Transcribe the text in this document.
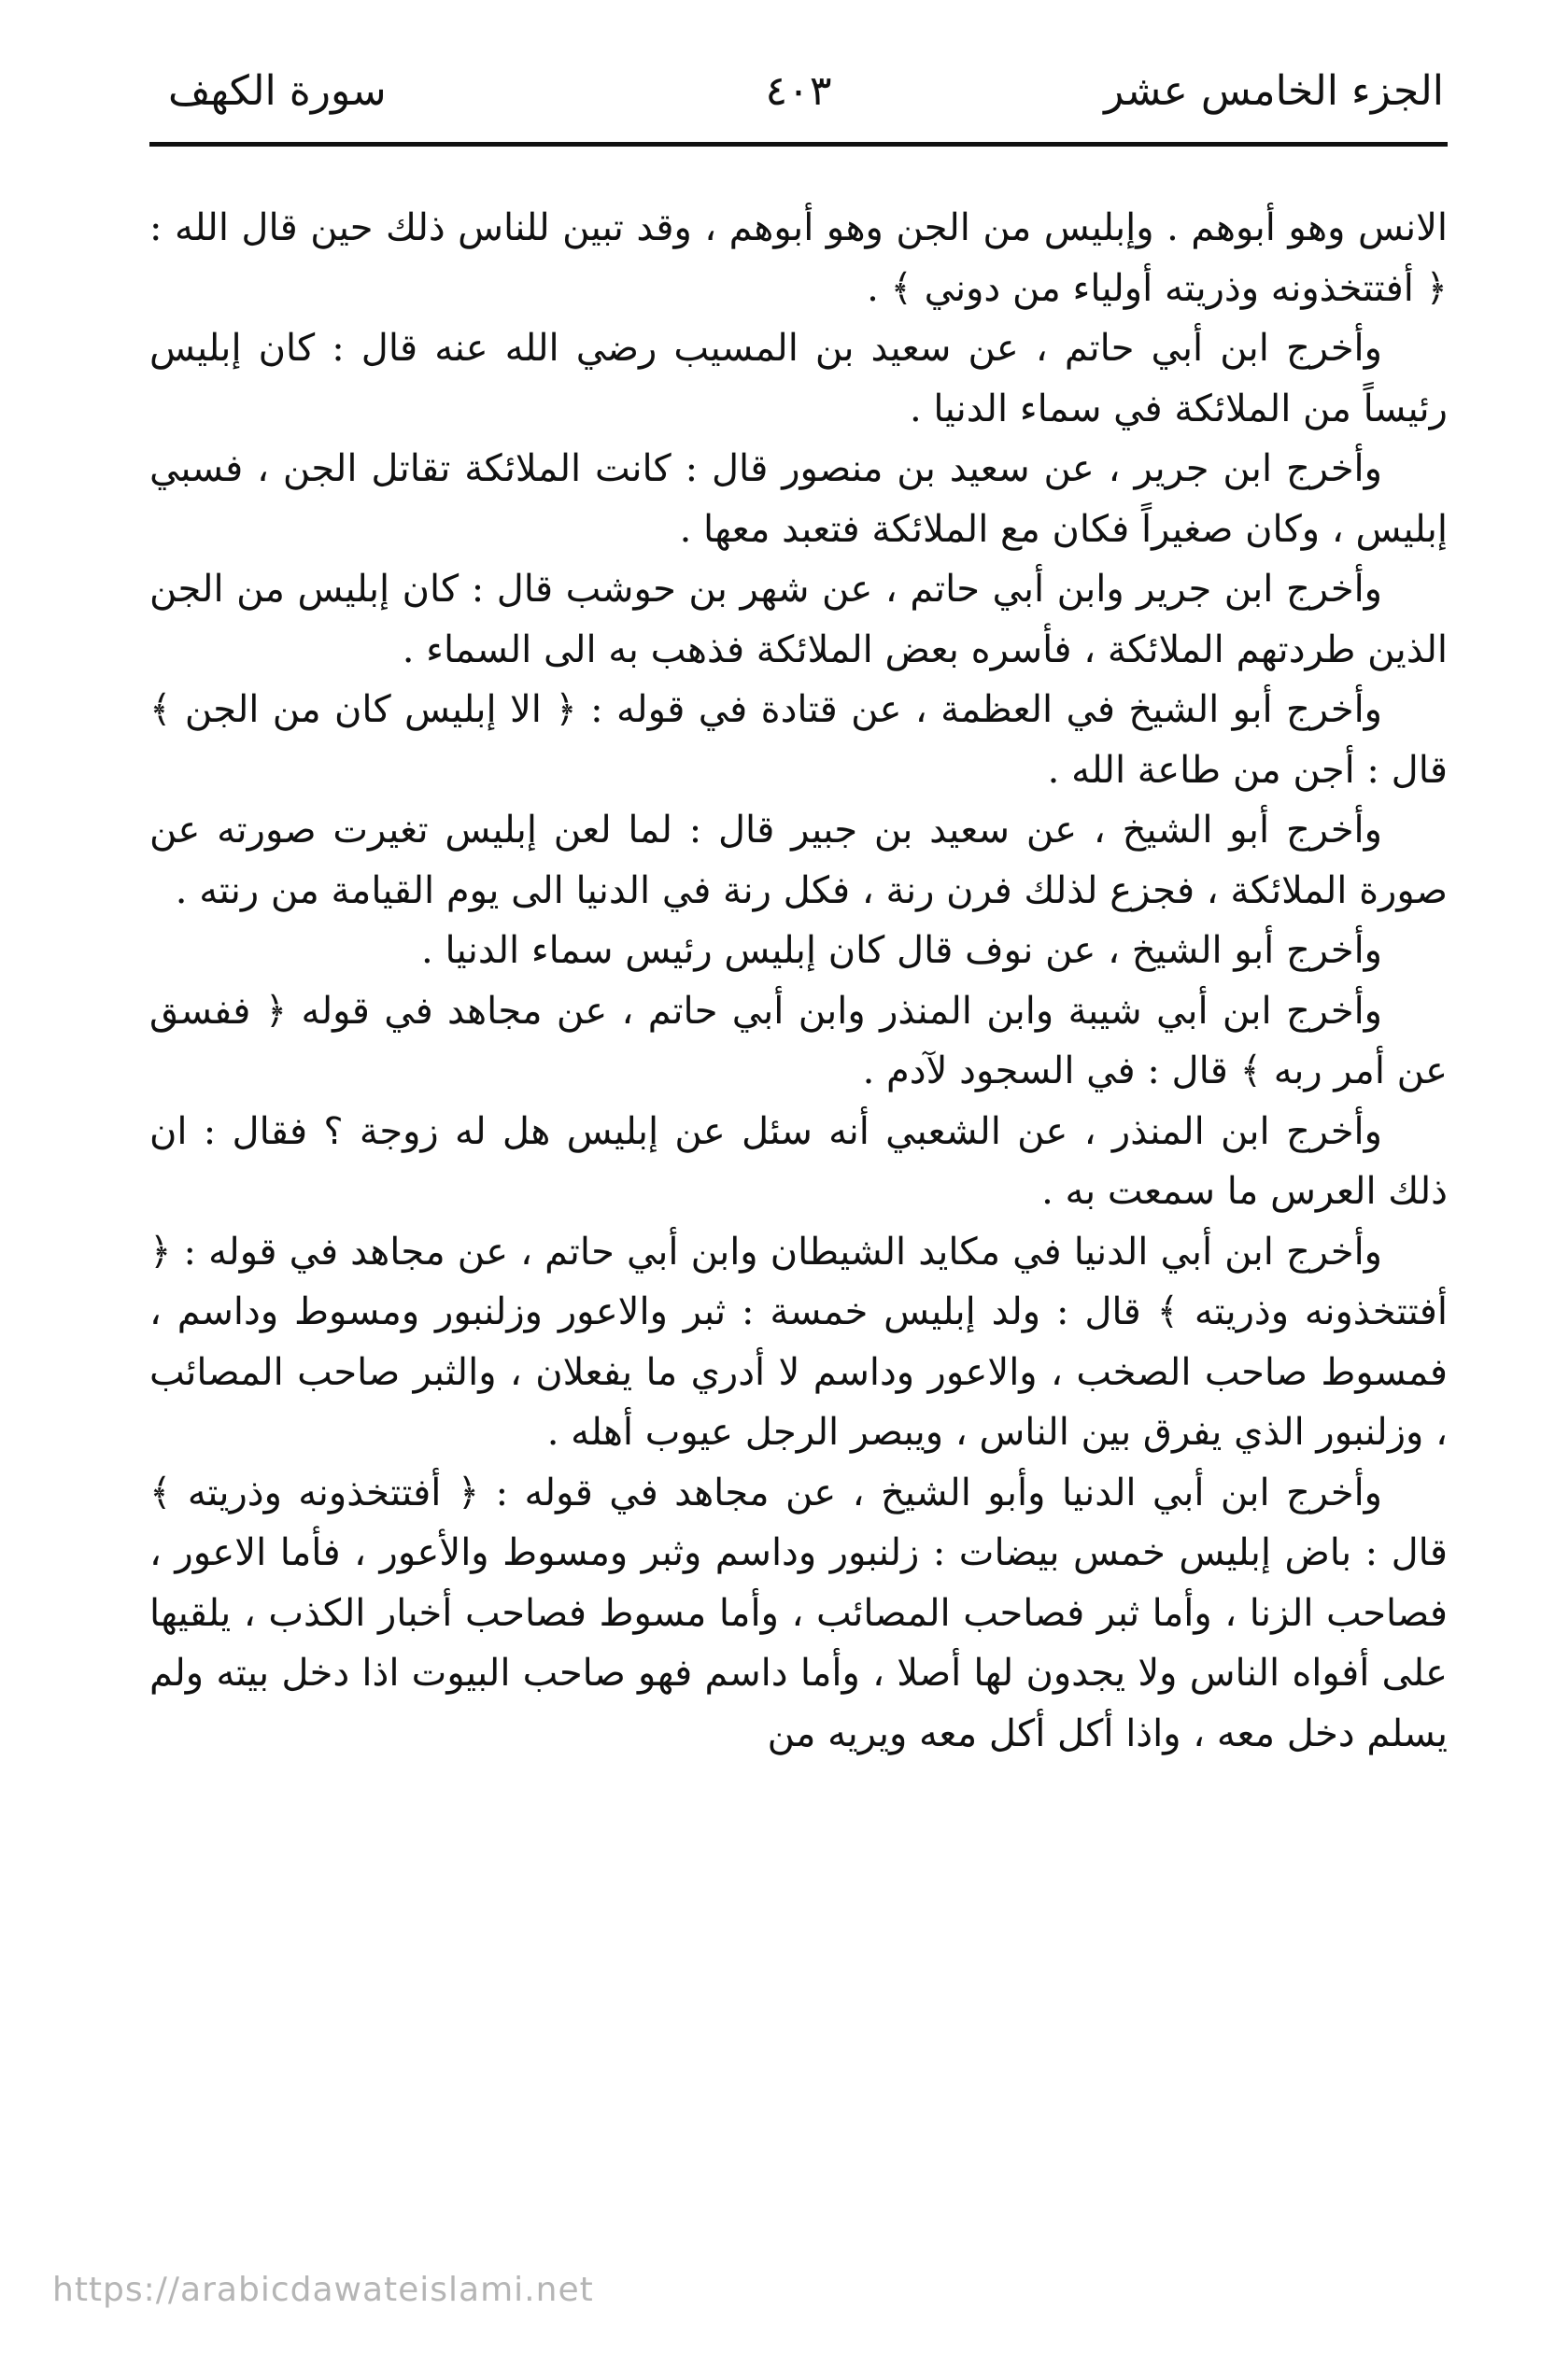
الجزء الخامس عشر
٤٠٣
سورة الكهف

الانس وهو أبوهم . وإبليس من الجن وهو أبوهم ، وقد تبين للناس ذلك حين قال الله : ﴿ أفتتخذونه وذريته أولياء من دوني ﴾ .

وأخرج ابن أبي حاتم ، عن سعيد بن المسيب رضي الله عنه قال : كان إبليس رئيساً من الملائكة في سماء الدنيا .

وأخرج ابن جرير ، عن سعيد بن منصور قال : كانت الملائكة تقاتل الجن ، فسبي إبليس ، وكان صغيراً فكان مع الملائكة فتعبد معها .

وأخرج ابن جرير وابن أبي حاتم ، عن شهر بن حوشب قال : كان إبليس من الجن الذين طردتهم الملائكة ، فأسره بعض الملائكة فذهب به الى السماء .

وأخرج أبو الشيخ في العظمة ، عن قتادة في قوله : ﴿ الا إبليس كان من الجن ﴾ قال : أجن من طاعة الله .

وأخرج أبو الشيخ ، عن سعيد بن جبير قال : لما لعن إبليس تغيرت صورته عن صورة الملائكة ، فجزع لذلك فرن رنة ، فكل رنة في الدنيا الى يوم القيامة من رنته .

وأخرج أبو الشيخ ، عن نوف قال كان إبليس رئيس سماء الدنيا .

وأخرج ابن أبي شيبة وابن المنذر وابن أبي حاتم ، عن مجاهد في قوله ﴿ ففسق عن أمر ربه ﴾ قال : في السجود لآدم .

وأخرج ابن المنذر ، عن الشعبي أنه سئل عن إبليس هل له زوجة ؟ فقال : ان ذلك العرس ما سمعت به .

وأخرج ابن أبي الدنيا في مكايد الشيطان وابن أبي حاتم ، عن مجاهد في قوله : ﴿ أفتتخذونه وذريته ﴾ قال : ولد إبليس خمسة : ثبر والاعور وزلنبور ومسوط وداسم ، فمسوط صاحب الصخب ، والاعور وداسم لا أدري ما يفعلان ، والثبر صاحب المصائب ، وزلنبور الذي يفرق بين الناس ، ويبصر الرجل عيوب أهله .

وأخرج ابن أبي الدنيا وأبو الشيخ ، عن مجاهد في قوله : ﴿ أفتتخذونه وذريته ﴾ قال : باض إبليس خمس بيضات : زلنبور وداسم وثبر ومسوط والأعور ، فأما الاعور ، فصاحب الزنا ، وأما ثبر فصاحب المصائب ، وأما مسوط فصاحب أخبار الكذب ، يلقيها على أفواه الناس ولا يجدون لها أصلا ، وأما داسم فهو صاحب البيوت اذا دخل بيته ولم يسلم دخل معه ، واذا أكل أكل معه ويريه من

https://arabicdawateislami.net
